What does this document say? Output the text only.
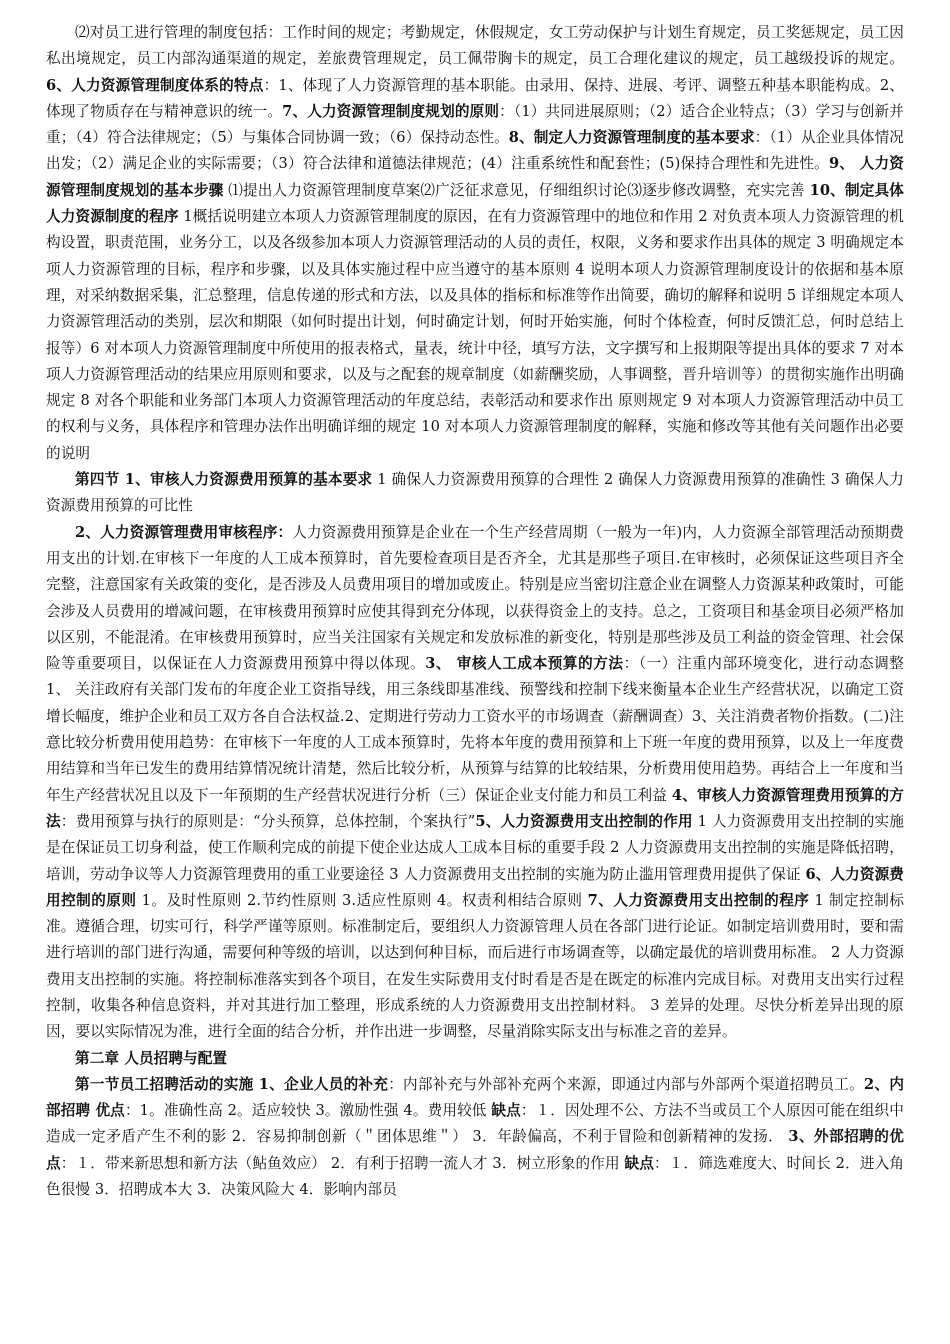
⑵对员工进行管理的制度包括：工作时间的规定；考勤规定，休假规定，女工劳动保护与计划生育规定，员工奖惩规定，员工因私出境规定，员工内部沟通渠道的规定，差旅费管理规定，员工佩带胸卡的规定，员工合理化建议的规定，员工越级投诉的规定。6、人力资源管理制度体系的特点：1、体现了人力资源管理的基本职能。由录用、保持、进展、考评、调整五种基本职能构成。2、体现了物质存在与精神意识的统一。7、人力资源管理制度规划的原则：（1）共同进展原则；（2）适合企业特点；（3）学习与创新并重；（4）符合法律规定；（5）与集体合同协调一致；（6）保持动态性。8、制定人力资源管理制度的基本要求：（1）从企业具体情况出发；（2）满足企业的实际需要；（3）符合法律和道德法律规范；(4）注重系统性和配套性；(5)保持合理性和先进性。9、 人力资源管理制度规划的基本步骤 ⑴提出人力资源管理制度草案⑵广泛征求意见，仔细组织讨论⑶逐步修改调整，充实完善 10、制定具体人力资源制度的程序 1概括说明建立本项人力资源管理制度的原因，在有力资源管理中的地位和作用 2 对负责本项人力资源管理的机构设置，职责范围，业务分工，以及各级参加本项人力资源管理活动的人员的责任，权限，义务和要求作出具体的规定 3 明确规定本项人力资源管理的目标，程序和步骤，以及具体实施过程中应当遵守的基本原则 4 说明本项人力资源管理制度设计的依据和基本原理，对采纳数据采集，汇总整理，信息传递的形式和方法，以及具体的指标和标准等作出简要，确切的解释和说明 5 详细规定本项人力资源管理活动的类别，层次和期限（如何时提出计划，何时确定计划，何时开始实施，何时个体检查，何时反馈汇总，何时总结上报等）6 对本项人力资源管理制度中所使用的报表格式，量表，统计中径，填写方法，文字撰写和上报期限等提出具体的要求 7 对本项人力资源管理活动的结果应用原则和要求，以及与之配套的规章制度（如薪酬奖励，人事调整，晋升培训等）的贯彻实施作出明确规定 8 对各个职能和业务部门本项人力资源管理活动的年度总结，表彰活动和要求作出 原则规定 9 对本项人力资源管理活动中员工的权利与义务，具体程序和管理办法作出明确详细的规定 10 对本项人力资源管理制度的解释，实施和修改等其他有关问题作出必要的说明

第四节 1、审核人力资源费用预算的基本要求 1 确保人力资源费用预算的合理性 2 确保人力资源费用预算的准确性 3 确保人力资源费用预算的可比性

2、人力资源管理费用审核程序：人力资源费用预算是企业在一个生产经营周期（一般为一年)内，人力资源全部管理活动预期费用支出的计划.在审核下一年度的人工成本预算时，首先要检查项目是否齐全，尤其是那些子项目.在审核时，必须保证这些项目齐全完整，注意国家有关政策的变化，是否涉及人员费用项目的增加或废止。特别是应当密切注意企业在调整人力资源某种政策时，可能会涉及人员费用的增减问题，在审核费用预算时应使其得到充分体现，以获得资金上的支持。总之，工资项目和基金项目必须严格加以区别，不能混淆。在审核费用预算时，应当关注国家有关规定和发放标准的新变化，特别是那些涉及员工利益的资金管理、社会保险等重要项目，以保证在人力资源费用预算中得以体现。3、 审核人工成本预算的方法：（一）注重内部环境变化，进行动态调整 1、 关注政府有关部门发布的年度企业工资指导线，用三条线即基准线、预警线和控制下线来衡量本企业生产经营状况，以确定工资增长幅度，维护企业和员工双方各自合法权益.2、定期进行劳动力工资水平的市场调查（薪酬调查）3、关注消费者物价指数。(二)注意比较分析费用使用趋势：在审核下一年度的人工成本预算时，先将本年度的费用预算和上下班一年度的费用预算，以及上一年度费用结算和当年已发生的费用结算情况统计清楚，然后比较分析，从预算与结算的比较结果，分析费用使用趋势。再结合上一年度和当年生产经营状况且以及下一年预期的生产经营状况进行分析（三）保证企业支付能力和员工利益 4、审核人力资源管理费用预算的方法：费用预算与执行的原则是：“分头预算，总体控制，个案执行”5、人力资源费用支出控制的作用 1 人力资源费用支出控制的实施是在保证员工切身利益，使工作顺利完成的前提下使企业达成人工成本目标的重要手段 2 人力资源费用支出控制的实施是降低招聘，培训，劳动争议等人力资源管理费用的重工业要途径 3 人力资源费用支出控制的实施为防止滥用管理费用提供了保证 6、人力资源费用控制的原则 1。及时性原则 2.节约性原则 3.适应性原则 4。权责利相结合原则 7、人力资源费用支出控制的程序 1 制定控制标准。遵循合理，切实可行，科学严谨等原则。标准制定后，要组织人力资源管理人员在各部门进行论证。如制定培训费用时，要和需进行培训的部门进行沟通，需要何种等级的培训，以达到何种目标，而后进行市场调查等，以确定最优的培训费用标准。 2 人力资源费用支出控制的实施。将控制标准落实到各个项目，在发生实际费用支付时看是否是在既定的标准内完成目标。对费用支出实行过程控制，收集各种信息资料，并对其进行加工整理，形成系统的人力资源费用支出控制材料。 3 差异的处理。尽快分析差异出现的原因，要以实际情况为准，进行全面的结合分析，并作出进一步调整，尽量消除实际支出与标准之音的差异。

第二章 人员招聘与配置

第一节员工招聘活动的实施 1、企业人员的补充：内部补充与外部补充两个来源，即通过内部与外部两个渠道招聘员工。2、内部招聘 优点：1。准确性高 2。适应较快 3。激励性强 4。费用较低 缺点：１．因处理不公、方法不当或员工个人原因可能在组织中造成一定矛盾产生不利的影 2．容易抑制创新（＂团体思维＂） 3．年龄偏高，不利于冒险和创新精神的发扬． 3、外部招聘的优点：１．带来新思想和新方法（鲇鱼效应） 2．有利于招聘一流人才 3．树立形象的作用 缺点：１．筛选难度大、时间长 2．进入角色很慢 3．招聘成本大 3．决策风险大 4．影响内部员
